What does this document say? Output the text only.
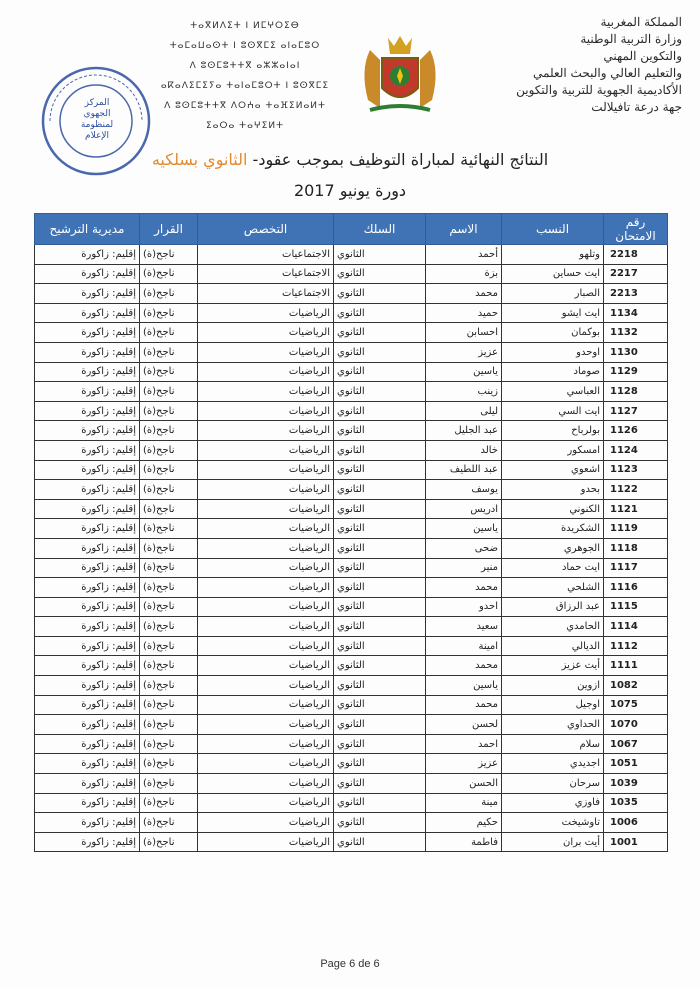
المملكة المغربية
وزارة التربية الوطنية
والتكوين المهني
والتعليم العالي والبحث العلمي
الأكاديمية الجهوية للتربية والتكوين
جهة درعة تافيلالت
ⵜⴰⴳⵍⴷⵉⵜ ⵏ ⵍⵎⵖⵔⵉⴱ
ⵜⴰⵎⴰⵡⴰⵙⵜ ⵏ ⵓⵙⴳⵎⵉ ⴰⵏⴰⵎⵓⵔ
ⴷ ⵓⵙⵎⵓⵜⵜⴳ ⴰⵣⵣⴰⵏⴰⵏ
ⴰⴽⴰⴷⵉⵎⵉⵢⴰ ⵜⴰⵏⴰⵎⵓⵔⵜ ⵏ ⵓⵙⴳⵎⵉ
ⴷ ⵓⵙⵎⵓⵜⵜⴳ ⴷⵔⵄⴰ ⵜⴰⴼⵉⵍⴰⵍⵜ
ⵉⴰⵔⴰ ⵜⴰⵖⵉⵍⵜ
المركز الجهوي لمنظومة الإعلام
النتائج النهائية لمباراة التوظيف بموجب عقود- الثانوي بسلكيه
دورة يونيو 2017
رقم الامتحان	النسب	الاسم	السلك	التخصص	القرار	مديرية الترشيح
2218	وتلهو	أحمد	الثانوي	الاجتماعيات	ناجح(ة)	إقليم: زاكورة
2217	ايت حساين	بزة	الثانوي	الاجتماعيات	ناجح(ة)	إقليم: زاكورة
2213	الصبار	محمد	الثانوي	الاجتماعيات	ناجح(ة)	إقليم: زاكورة
1134	ايت ايشو	حميد	الثانوي	الرياضيات	ناجح(ة)	إقليم: زاكورة
1132	بوكمان	احسابن	الثانوي	الرياضيات	ناجح(ة)	إقليم: زاكورة
1130	اوحدو	عزيز	الثانوي	الرياضيات	ناجح(ة)	إقليم: زاكورة
1129	صوماد	ياسين	الثانوي	الرياضيات	ناجح(ة)	إقليم: زاكورة
1128	العباسي	زينب	الثانوي	الرياضيات	ناجح(ة)	إقليم: زاكورة
1127	ايت السي	ليلى	الثانوي	الرياضيات	ناجح(ة)	إقليم: زاكورة
1126	بولرباح	عبد الجليل	الثانوي	الرياضيات	ناجح(ة)	إقليم: زاكورة
1124	امسكور	خالد	الثانوي	الرياضيات	ناجح(ة)	إقليم: زاكورة
1123	اشعوي	عبد اللطيف	الثانوي	الرياضيات	ناجح(ة)	إقليم: زاكورة
1122	بحدو	يوسف	الثانوي	الرياضيات	ناجح(ة)	إقليم: زاكورة
1121	الكنوني	ادريس	الثانوي	الرياضيات	ناجح(ة)	إقليم: زاكورة
1119	الشكريدة	ياسين	الثانوي	الرياضيات	ناجح(ة)	إقليم: زاكورة
1118	الجوهري	ضحى	الثانوي	الرياضيات	ناجح(ة)	إقليم: زاكورة
1117	ايت حماد	منير	الثانوي	الرياضيات	ناجح(ة)	إقليم: زاكورة
1116	الشلحي	محمد	الثانوي	الرياضيات	ناجح(ة)	إقليم: زاكورة
1115	عبد الرزاق	احدو	الثانوي	الرياضيات	ناجح(ة)	إقليم: زاكورة
1114	الحامدي	سعيد	الثانوي	الرياضيات	ناجح(ة)	إقليم: زاكورة
1112	الديالي	امينة	الثانوي	الرياضيات	ناجح(ة)	إقليم: زاكورة
1111	أيت عزيز	محمد	الثانوي	الرياضيات	ناجح(ة)	إقليم: زاكورة
1082	ازوين	ياسين	الثانوي	الرياضيات	ناجح(ة)	إقليم: زاكورة
1075	اوجيل	محمد	الثانوي	الرياضيات	ناجح(ة)	إقليم: زاكورة
1070	الحداوي	لحسن	الثانوي	الرياضيات	ناجح(ة)	إقليم: زاكورة
1067	سلام	احمد	الثانوي	الرياضيات	ناجح(ة)	إقليم: زاكورة
1051	اجديدي	عزيز	الثانوي	الرياضيات	ناجح(ة)	إقليم: زاكورة
1039	سرحان	الحسن	الثانوي	الرياضيات	ناجح(ة)	إقليم: زاكورة
1035	فاوزي	مينة	الثانوي	الرياضيات	ناجح(ة)	إقليم: زاكورة
1006	تاوشيخت	حكيم	الثانوي	الرياضيات	ناجح(ة)	إقليم: زاكورة
1001	أيت بران	فاطمة	الثانوي	الرياضيات	ناجح(ة)	إقليم: زاكورة
Page 6 de 6
